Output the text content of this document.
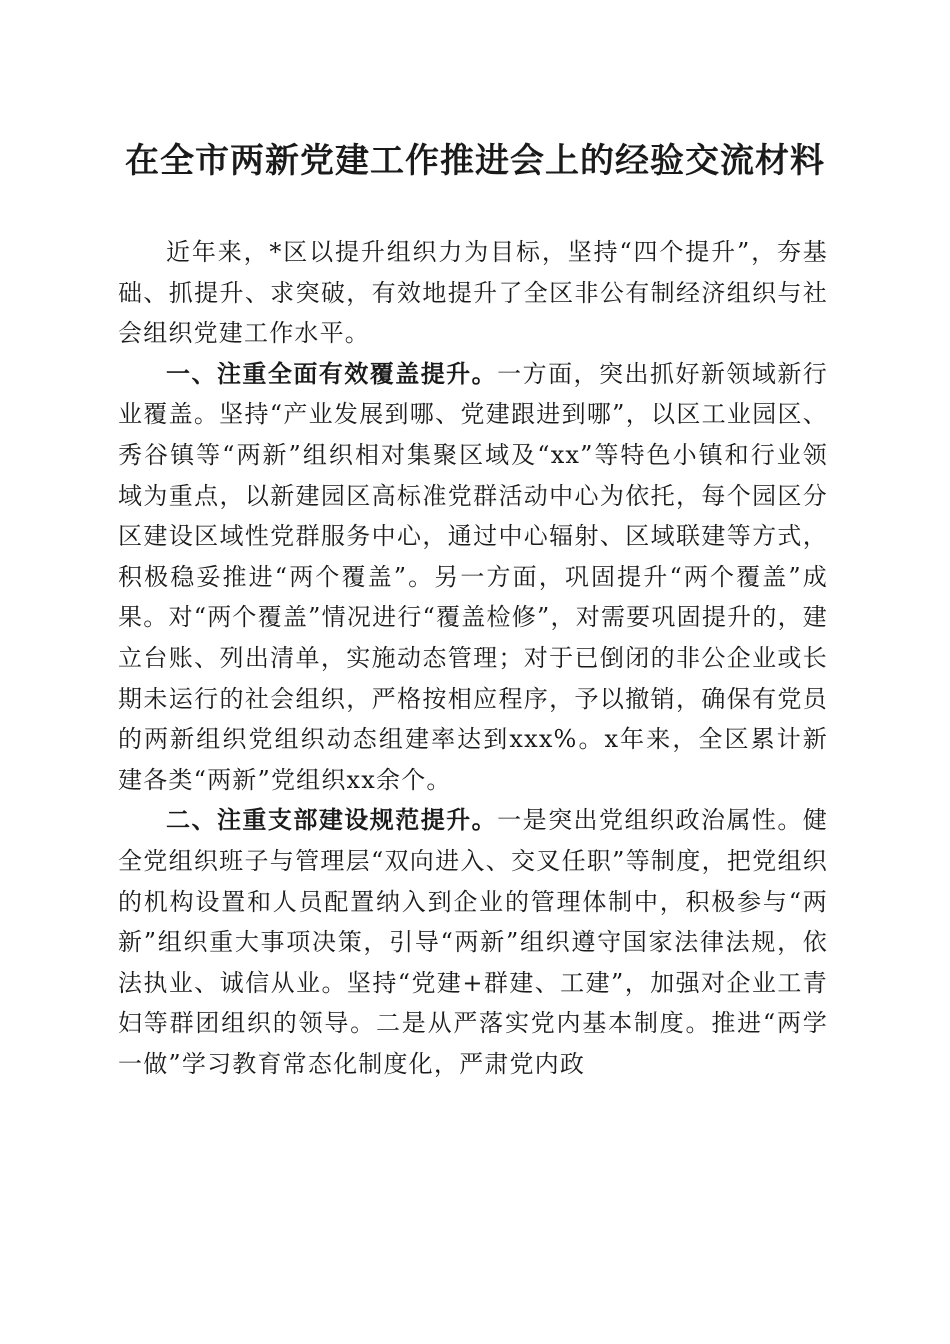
在全市两新党建工作推进会上的经验交流材料

近年来，*区以提升组织力为目标，坚持“四个提升”，夯基础、抓提升、求突破，有效地提升了全区非公有制经济组织与社会组织党建工作水平。

一、注重全面有效覆盖提升。一方面，突出抓好新领域新行业覆盖。坚持“产业发展到哪、党建跟进到哪”，以区工业园区、秀谷镇等“两新”组织相对集聚区域及“xx”等特色小镇和行业领域为重点，以新建园区高标准党群活动中心为依托，每个园区分区建设区域性党群服务中心，通过中心辐射、区域联建等方式，积极稳妥推进“两个覆盖”。另一方面，巩固提升“两个覆盖”成果。对“两个覆盖”情况进行“覆盖检修”，对需要巩固提升的，建立台账、列出清单，实施动态管理；对于已倒闭的非公企业或长期未运行的社会组织，严格按相应程序，予以撤销，确保有党员的两新组织党组织动态组建率达到xxx%。x年来，全区累计新建各类“两新”党组织xx余个。

二、注重支部建设规范提升。一是突出党组织政治属性。健全党组织班子与管理层“双向进入、交叉任职”等制度，把党组织的机构设置和人员配置纳入到企业的管理体制中，积极参与“两新”组织重大事项决策，引导“两新”组织遵守国家法律法规，依法执业、诚信从业。坚持“党建+群建、工建”，加强对企业工青妇等群团组织的领导。二是从严落实党内基本制度。推进“两学一做”学习教育常态化制度化，严肃党内政
